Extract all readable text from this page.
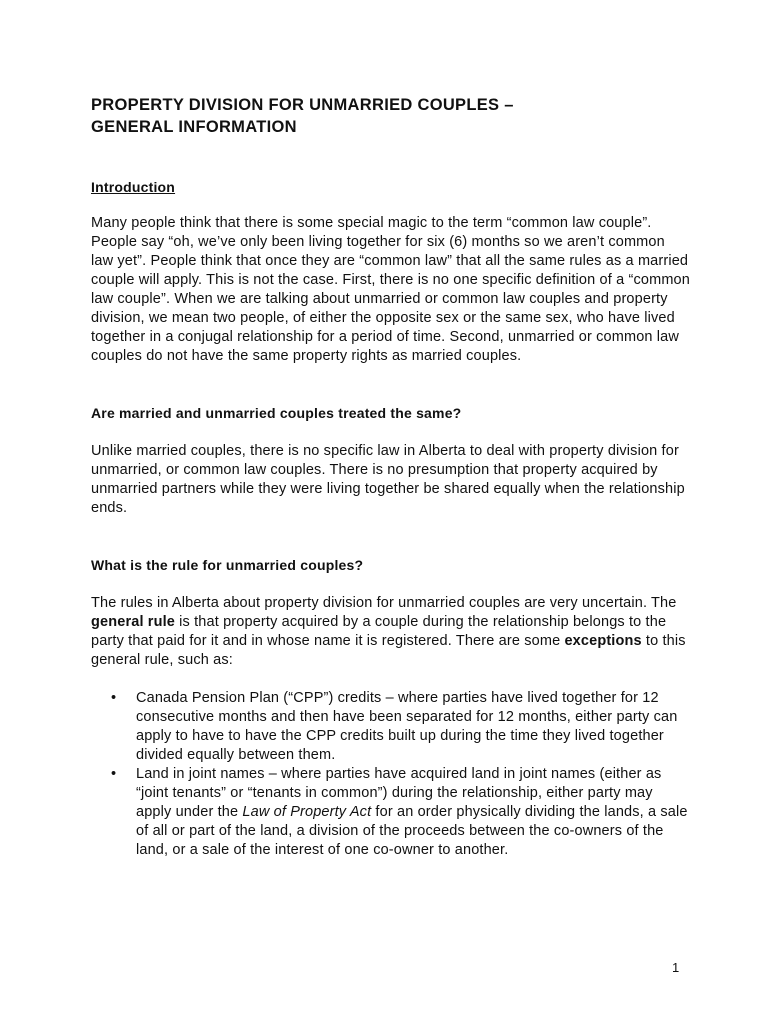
PROPERTY DIVISION FOR UNMARRIED COUPLES –
GENERAL INFORMATION
Introduction

Many people think that there is some special magic to the term “common law couple”. People say “oh, we’ve only been living together for six (6) months so we aren’t common law yet”. People think that once they are “common law” that all the same rules as a married couple will apply. This is not the case. First, there is no one specific definition of a “common law couple”. When we are talking about unmarried or common law couples and property division, we mean two people, of either the opposite sex or the same sex, who have lived together in a conjugal relationship for a period of time. Second, unmarried or common law couples do not have the same property rights as married couples.

Are married and unmarried couples treated the same?

Unlike married couples, there is no specific law in Alberta to deal with property division for unmarried, or common law couples. There is no presumption that property acquired by unmarried partners while they were living together be shared equally when the relationship ends.

What is the rule for unmarried couples?

The rules in Alberta about property division for unmarried couples are very uncertain. The general rule is that property acquired by a couple during the relationship belongs to the party that paid for it and in whose name it is registered. There are some exceptions to this general rule, such as:

• Canada Pension Plan (“CPP”) credits – where parties have lived together for 12 consecutive months and then have been separated for 12 months, either party can apply to have to have the CPP credits built up during the time they lived together divided equally between them.
• Land in joint names – where parties have acquired land in joint names (either as “joint tenants” or “tenants in common”) during the relationship, either party may apply under the Law of Property Act for an order physically dividing the lands, a sale of all or part of the land, a division of the proceeds between the co-owners of the land, or a sale of the interest of one co-owner to another.
1
